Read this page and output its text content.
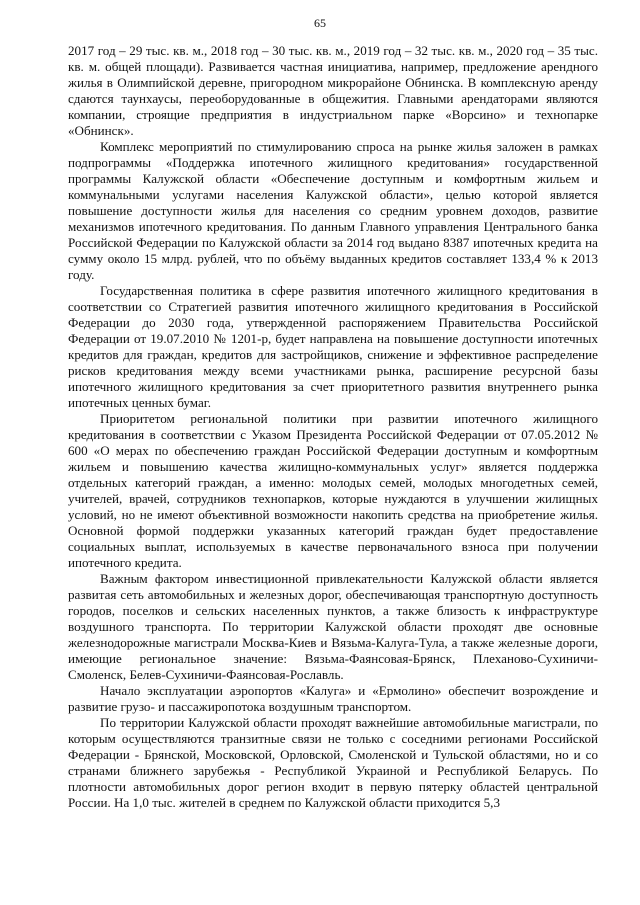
65

2017 год – 29 тыс. кв. м., 2018 год – 30 тыс. кв. м., 2019 год – 32 тыс. кв. м., 2020 год – 35 тыс. кв. м. общей площади). Развивается частная инициатива, например, предложение арендного жилья в Олимпийской деревне, пригородном микрорайоне Обнинска. В комплексную аренду сдаются таунхаусы, переоборудованные в общежития. Главными арендаторами являются компании, строящие предприятия в индустриальном парке «Ворсино» и технопарке «Обнинск».

Комплекс мероприятий по стимулированию спроса на рынке жилья заложен в рамках подпрограммы «Поддержка ипотечного жилищного кредитования» государственной программы Калужской области «Обеспечение доступным и комфортным жильем и коммунальными услугами населения Калужской области», целью которой является повышение доступности жилья для населения со средним уровнем доходов, развитие механизмов ипотечного кредитования. По данным Главного управления Центрального банка Российской Федерации по Калужской области за 2014 год выдано 8387 ипотечных кредита на сумму около 15 млрд. рублей, что по объёму выданных кредитов составляет 133,4 % к 2013 году.

Государственная политика в сфере развития ипотечного жилищного кредитования в соответствии со Стратегией развития ипотечного жилищного кредитования в Российской Федерации до 2030 года, утвержденной распоряжением Правительства Российской Федерации от 19.07.2010 № 1201-р, будет направлена на повышение доступности ипотечных кредитов для граждан, кредитов для застройщиков, снижение и эффективное распределение рисков кредитования между всеми участниками рынка, расширение ресурсной базы ипотечного жилищного кредитования за счет приоритетного развития внутреннего рынка ипотечных ценных бумаг.

Приоритетом региональной политики при развитии ипотечного жилищного кредитования в соответствии с Указом Президента Российской Федерации от 07.05.2012 № 600 «О мерах по обеспечению граждан Российской Федерации доступным и комфортным жильем и повышению качества жилищно-коммунальных услуг» является поддержка отдельных категорий граждан, а именно: молодых семей, молодых многодетных семей, учителей, врачей, сотрудников технопарков, которые нуждаются в улучшении жилищных условий, но не имеют объективной возможности накопить средства на приобретение жилья. Основной формой поддержки указанных категорий граждан будет предоставление социальных выплат, используемых в качестве первоначального взноса при получении ипотечного кредита.

Важным фактором инвестиционной привлекательности Калужской области является развитая сеть автомобильных и железных дорог, обеспечивающая транспортную доступность городов, поселков и сельских населенных пунктов, а также близость к инфраструктуре воздушного транспорта. По территории Калужской области проходят две основные железнодорожные магистрали Москва-Киев и Вязьма-Калуга-Тула, а также железные дороги, имеющие региональное значение: Вязьма-Фаянсовая-Брянск, Плеханово-Сухиничи-Смоленск, Белев-Сухиничи-Фаянсовая-Рославль.

Начало эксплуатации аэропортов «Калуга» и «Ермолино» обеспечит возрождение и развитие грузо- и пассажиропотока воздушным транспортом.

По территории Калужской области проходят важнейшие автомобильные магистрали, по которым осуществляются транзитные связи не только с соседними регионами Российской Федерации - Брянской, Московской, Орловской, Смоленской и Тульской областями, но и со странами ближнего зарубежья - Республикой Украиной и Республикой Беларусь. По плотности автомобильных дорог регион входит в первую пятерку областей центральной России. На 1,0 тыс. жителей в среднем по Калужской области приходится 5,3
